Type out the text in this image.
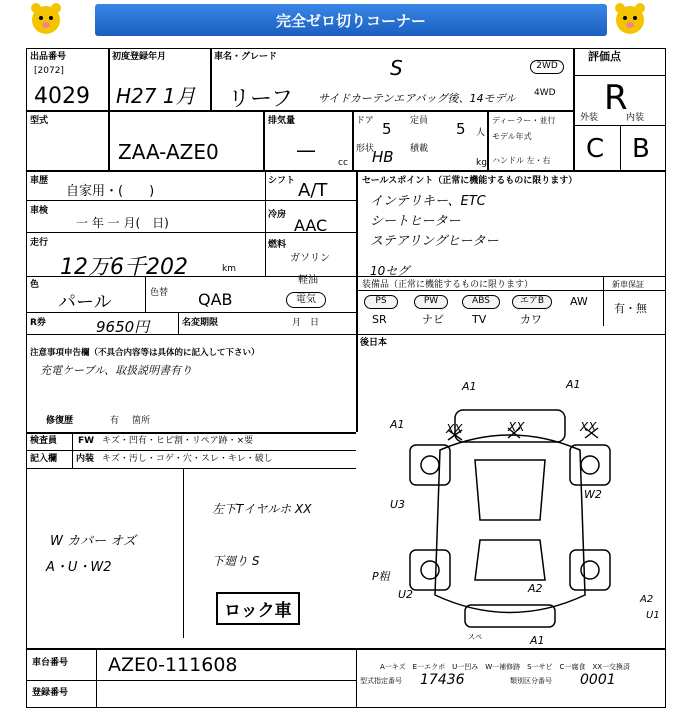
完全ゼロ切りコーナー
出品番号
[2072]
4029
初度登録年月
H27 1月
車名・グレード	S
リーフ サイドカーテンエアバッグ後、14モデル
2WD
4WD
評価点
R
型式
ZAA-AZE0
排気量
—
cc
ドア 5 定員 5 人
形状
HB 積載
kg
ディーラー・並行
モデル年式
ハンドル 左・右
外装	内装
C B
車歴
自家用・(　　)
車検
一 年 一 月(　日)
走行
12万6千202	km
色
パール	色替 QAB
R券	9650円	名変期限	月　日
シフト A/T
冷房
AAC
燃料
ガソリン
軽油
電気
セールスポイント（正常に機能するものに限ります）
インテリキー、ETC
シートヒーター
ステアリングヒーター
10セグ
装備品（正常に機能するものに限ります）	新車保証
PS	PW	ABS	エアB	AW
SR	ナビ	TV	カワ
有・無
後日本
注意事項申告欄（不具合内容等は具体的に記入して下さい）
充電ケーブル、取扱説明書有り
修復歴	有 箇所
検査員 FW キズ・凹有・ヒビ割・リペア跡・×要
記入欄 内装 キズ・汚し・コゲ・穴・スレ・キレ・破し
W カバー オズ
A・U・W2
左下Tイヤルホ XX
下廻り S
ロック車
A1	A1
A1	XX	XX	XX
W2
U3
P粗
U2	A2
A2
U1
A1
スペ
車台番号 AZE0-111608
登録番号
A一キズ　E一エクボ　U一凹み　W一補修跡　S一サビ　C一腐食　XX一交換済
型式指定番号 17436	類別区分番号 0001
